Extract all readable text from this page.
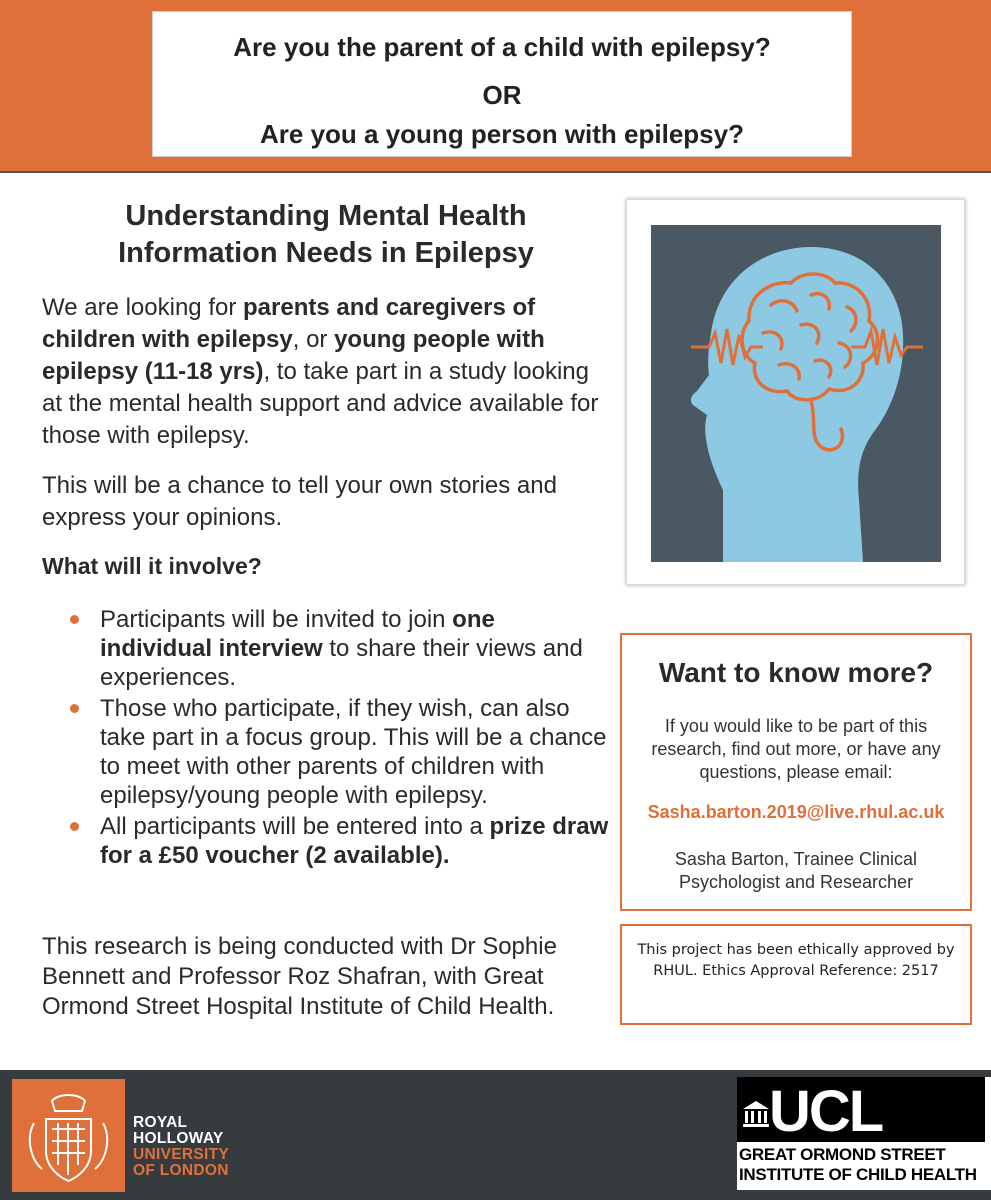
Are you the parent of a child with epilepsy?
OR
Are you a young person with epilepsy?
Understanding Mental Health
Information Needs in Epilepsy
We are looking for parents and caregivers of children with epilepsy, or young people with epilepsy (11-18 yrs), to take part in a study looking at the mental health support and advice available for those with epilepsy.
This will be a chance to tell your own stories and express your opinions.
What will it involve?
Participants will be invited to join one individual interview to share their views and experiences.
Those who participate, if they wish, can also take part in a focus group. This will be a chance to meet with other parents of children with epilepsy/young people with epilepsy.
All participants will be entered into a prize draw for a £50 voucher (2 available).
This research is being conducted with Dr Sophie Bennett and Professor Roz Shafran, with Great Ormond Street Hospital Institute of Child Health.
Want to know more?
If you would like to be part of this research, find out more, or have any questions, please email:
Sasha.barton.2019@live.rhul.ac.uk
Sasha Barton, Trainee Clinical Psychologist and Researcher
This project has been ethically approved by RHUL. Ethics Approval Reference: 2517
ROYAL
HOLLOWAY
UNIVERSITY
OF LONDON
UCL
GREAT ORMOND STREET
INSTITUTE OF CHILD HEALTH
